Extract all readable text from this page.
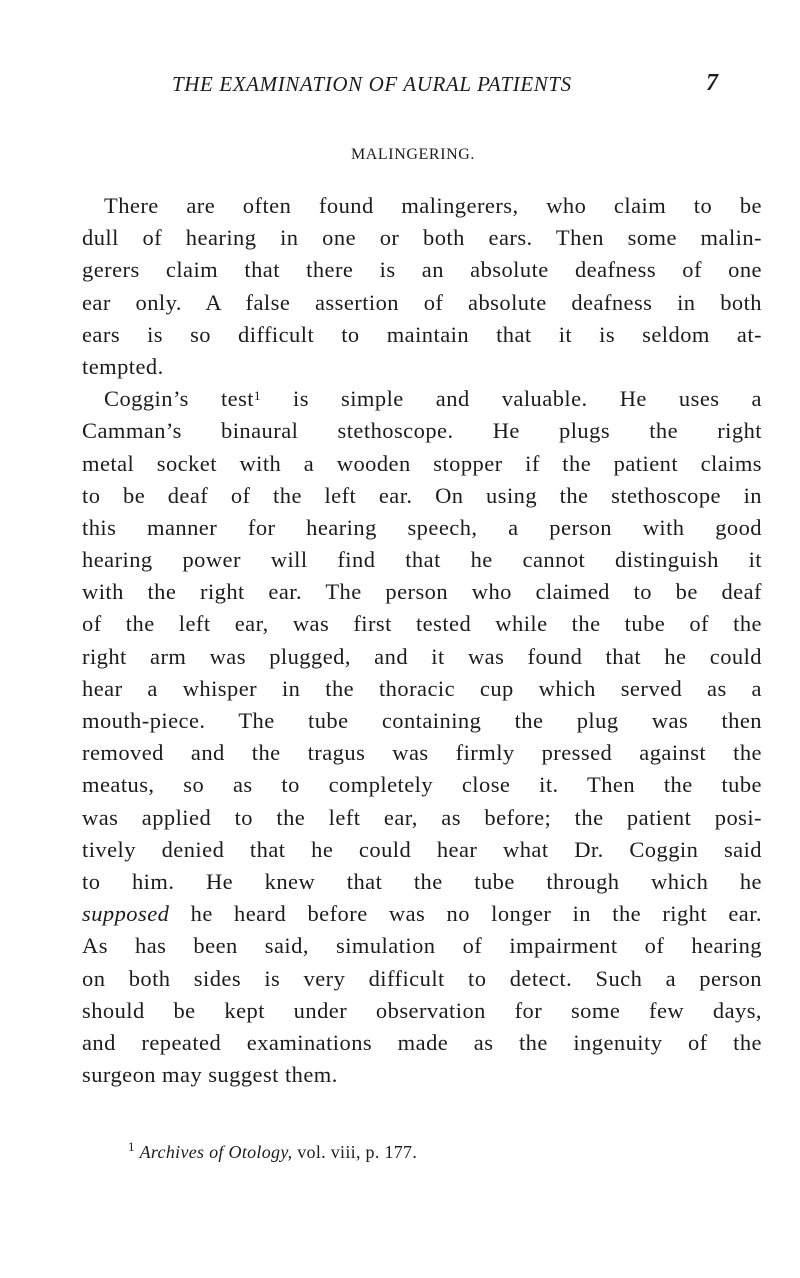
THE EXAMINATION OF AURAL PATIENTS	7
MALINGERING.
There are often found malingerers, who claim to be
dull of hearing in one or both ears. Then some malin-
gerers claim that there is an absolute deafness of one
ear only. A false assertion of absolute deafness in both
ears is so difficult to maintain that it is seldom at-
tempted.
Coggin’s test$^1$ is simple and valuable. He uses a
Camman’s binaural stethoscope. He plugs the right
metal socket with a wooden stopper if the patient claims
to be deaf of the left ear. On using the stethoscope in
this manner for hearing speech, a person with good
hearing power will find that he cannot distinguish it
with the right ear. The person who claimed to be deaf
of the left ear, was first tested while the tube of the
right arm was plugged, and it was found that he could
hear a whisper in the thoracic cup which served as a
mouth-piece. The tube containing the plug was then
removed and the tragus was firmly pressed against the
meatus, so as to completely close it. Then the tube
was applied to the left ear, as before; the patient posi-
tively denied that he could hear what Dr. Coggin said
to him. He knew that the tube through which he
supposed he heard before was no longer in the right ear.
As has been said, simulation of impairment of hearing
on both sides is very difficult to detect. Such a person
should be kept under observation for some few days,
and repeated examinations made as the ingenuity of the
surgeon may suggest them.
$^1$ Archives of Otology, vol. viii, p. 177.
